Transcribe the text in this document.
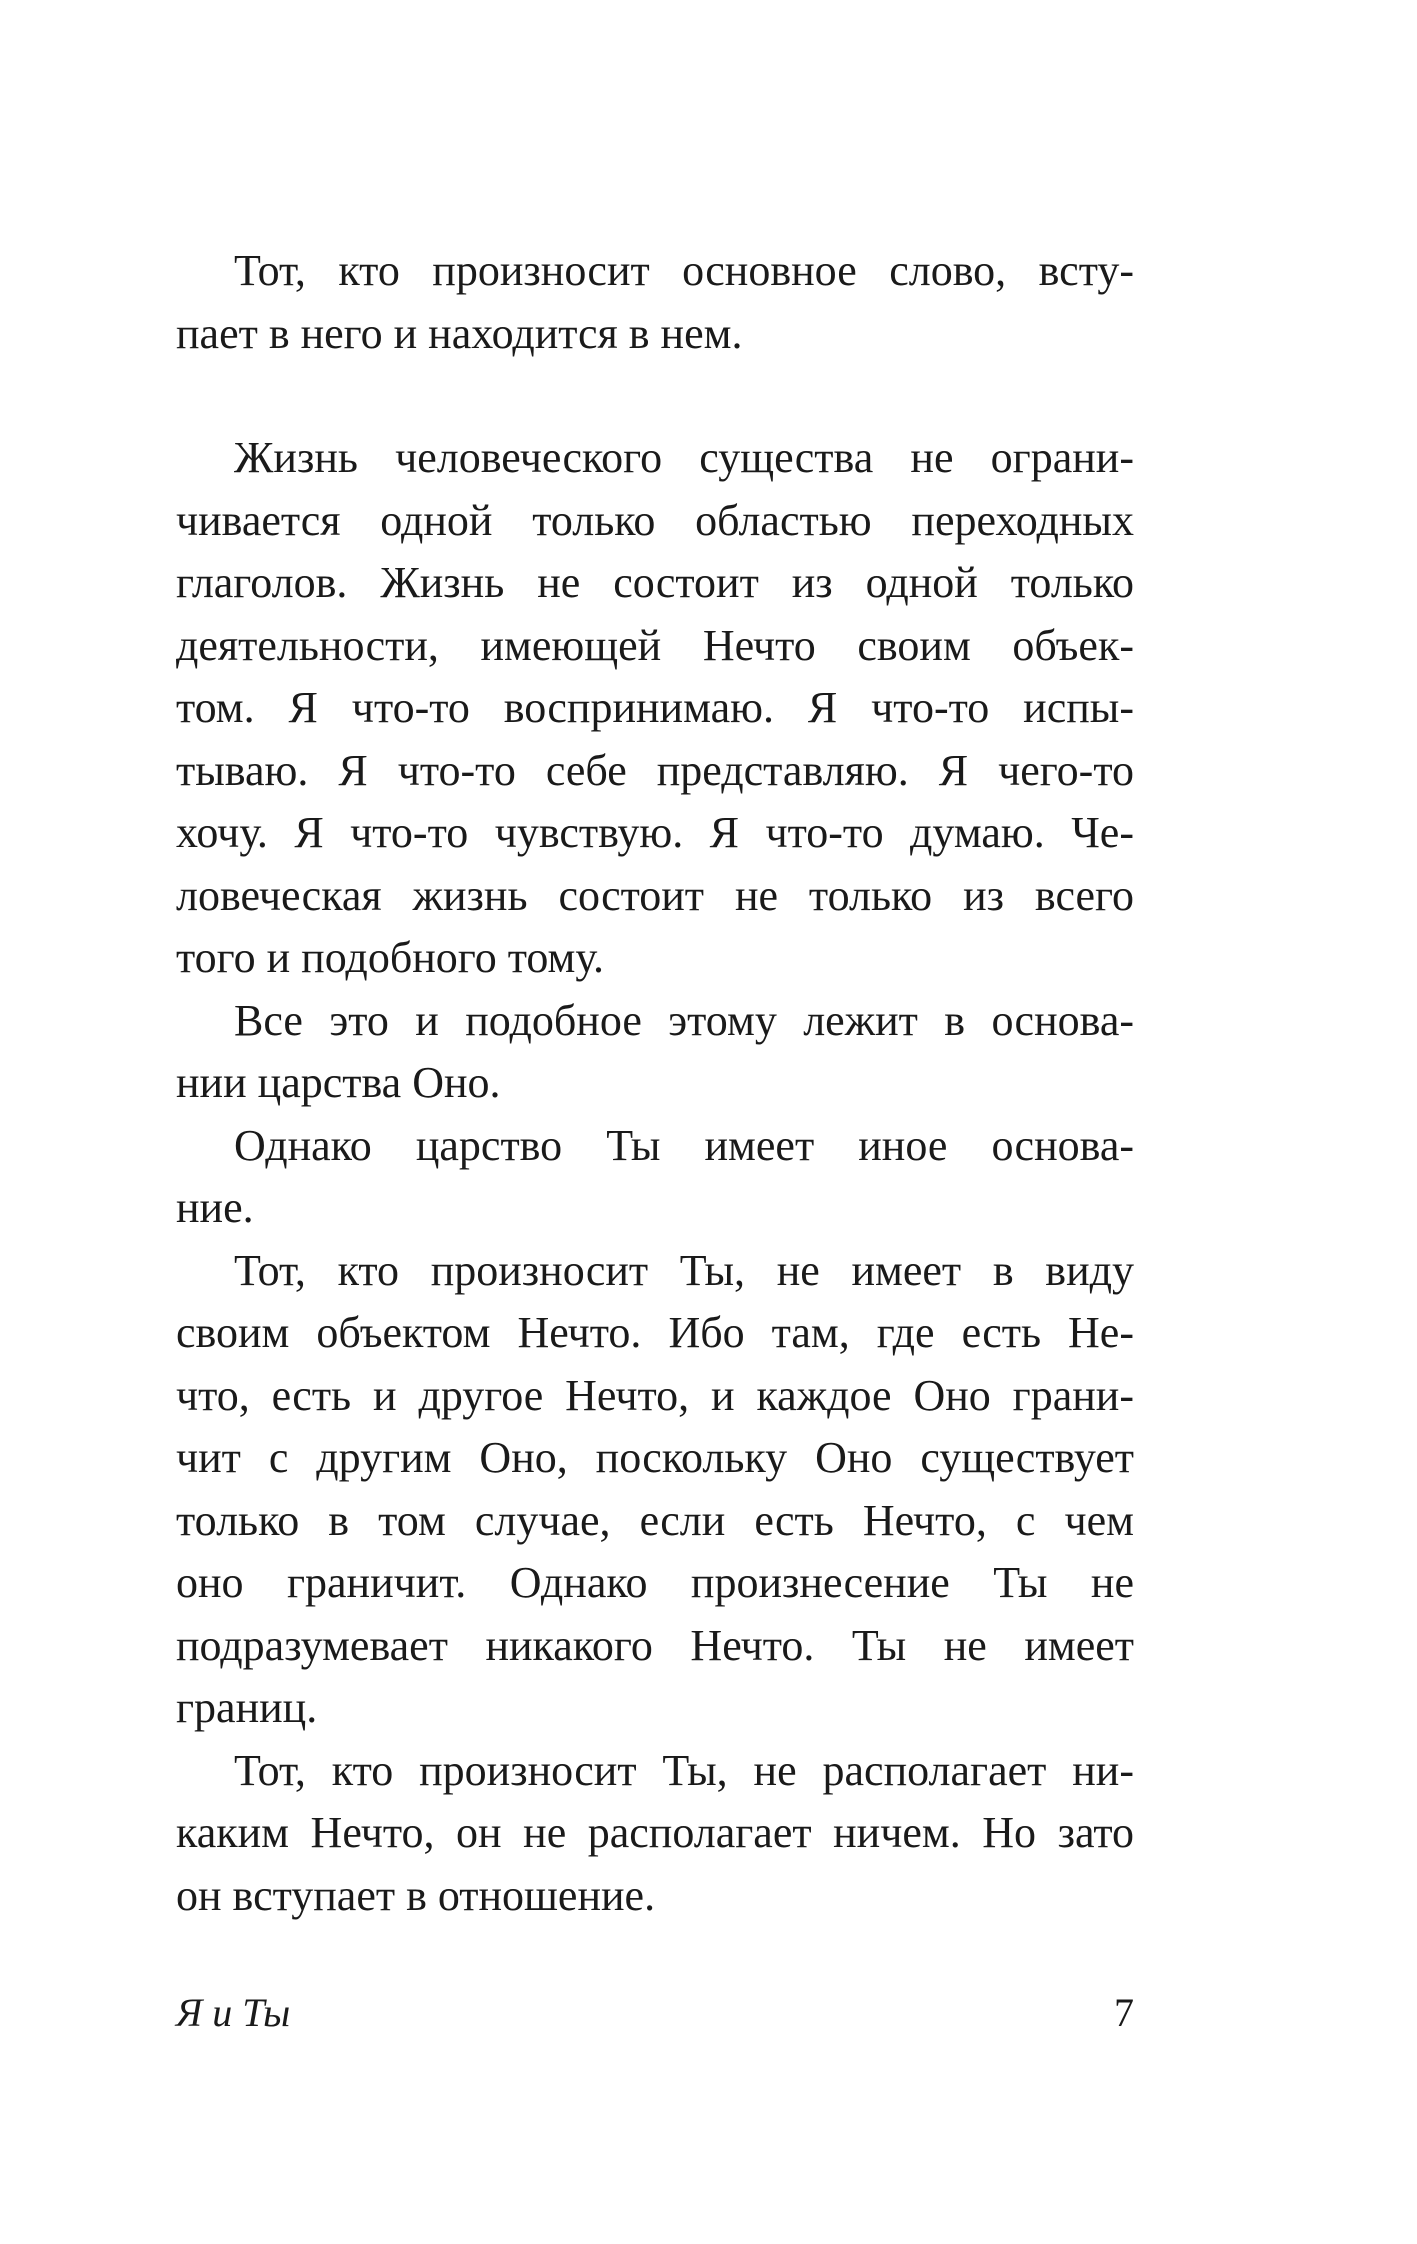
Тот, кто произносит основное слово, всту-
пает в него и находится в нем.
Жизнь человеческого существа не ограни-
чивается одной только областью переходных
глаголов. Жизнь не состоит из одной только
деятельности, имеющей Нечто своим объек-
том. Я что-то воспринимаю. Я что-то испы-
тываю. Я что-то себе представляю. Я чего-то
хочу. Я что-то чувствую. Я что-то думаю. Че-
ловеческая жизнь состоит не только из всего
того и подобного тому.
Все это и подобное этому лежит в основа-
нии царства Оно.
Однако царство Ты имеет иное основа-
ние.
Тот, кто произносит Ты, не имеет в виду
своим объектом Нечто. Ибо там, где есть Не-
что, есть и другое Нечто, и каждое Оно грани-
чит с другим Оно, поскольку Оно существует
только в том случае, если есть Нечто, с чем
оно граничит. Однако произнесение Ты не
подразумевает никакого Нечто. Ты не имеет
границ.
Тот, кто произносит Ты, не располагает ни-
каким Нечто, он не располагает ничем. Но зато
он вступает в отношение.
Я и Ты	7
